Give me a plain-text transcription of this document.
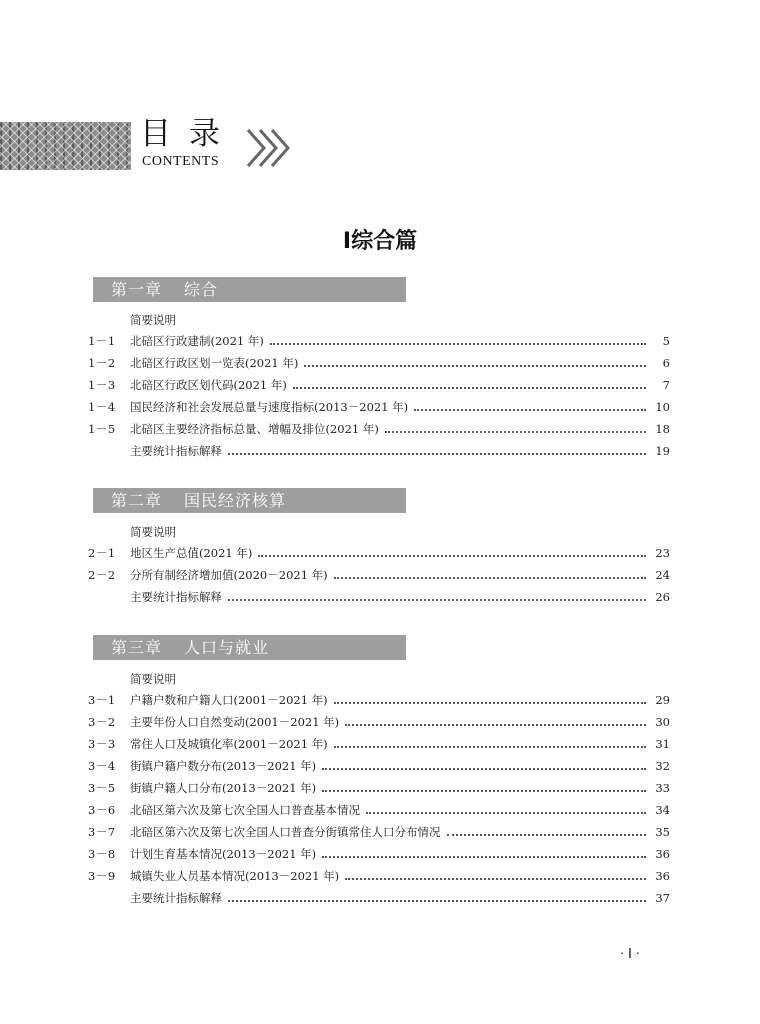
目录
CONTENTS
Ⅰ综合篇
第一章 综合
简要说明
1－1	北碚区行政建制(2021 年)	5
1－2	北碚区行政区划一览表(2021 年)	6
1－3	北碚区行政区划代码(2021 年)	7
1－4	国民经济和社会发展总量与速度指标(2013－2021 年)	10
1－5	北碚区主要经济指标总量、增幅及排位(2021 年)	18
主要统计指标解释	19
第二章 国民经济核算
简要说明
2－1	地区生产总值(2021 年)	23
2－2	分所有制经济增加值(2020－2021 年)	24
主要统计指标解释	26
第三章 人口与就业
简要说明
3－1	户籍户数和户籍人口(2001－2021 年)	29
3－2	主要年份人口自然变动(2001－2021 年)	30
3－3	常住人口及城镇化率(2001－2021 年)	31
3－4	街镇户籍户数分布(2013－2021 年)	32
3－5	街镇户籍人口分布(2013－2021 年)	33
3－6	北碚区第六次及第七次全国人口普查基本情况	34
3－7	北碚区第六次及第七次全国人口普查分街镇常住人口分布情况	35
3－8	计划生育基本情况(2013－2021 年)	36
3－9	城镇失业人员基本情况(2013－2021 年)	36
主要统计指标解释	37
· Ⅰ ·
